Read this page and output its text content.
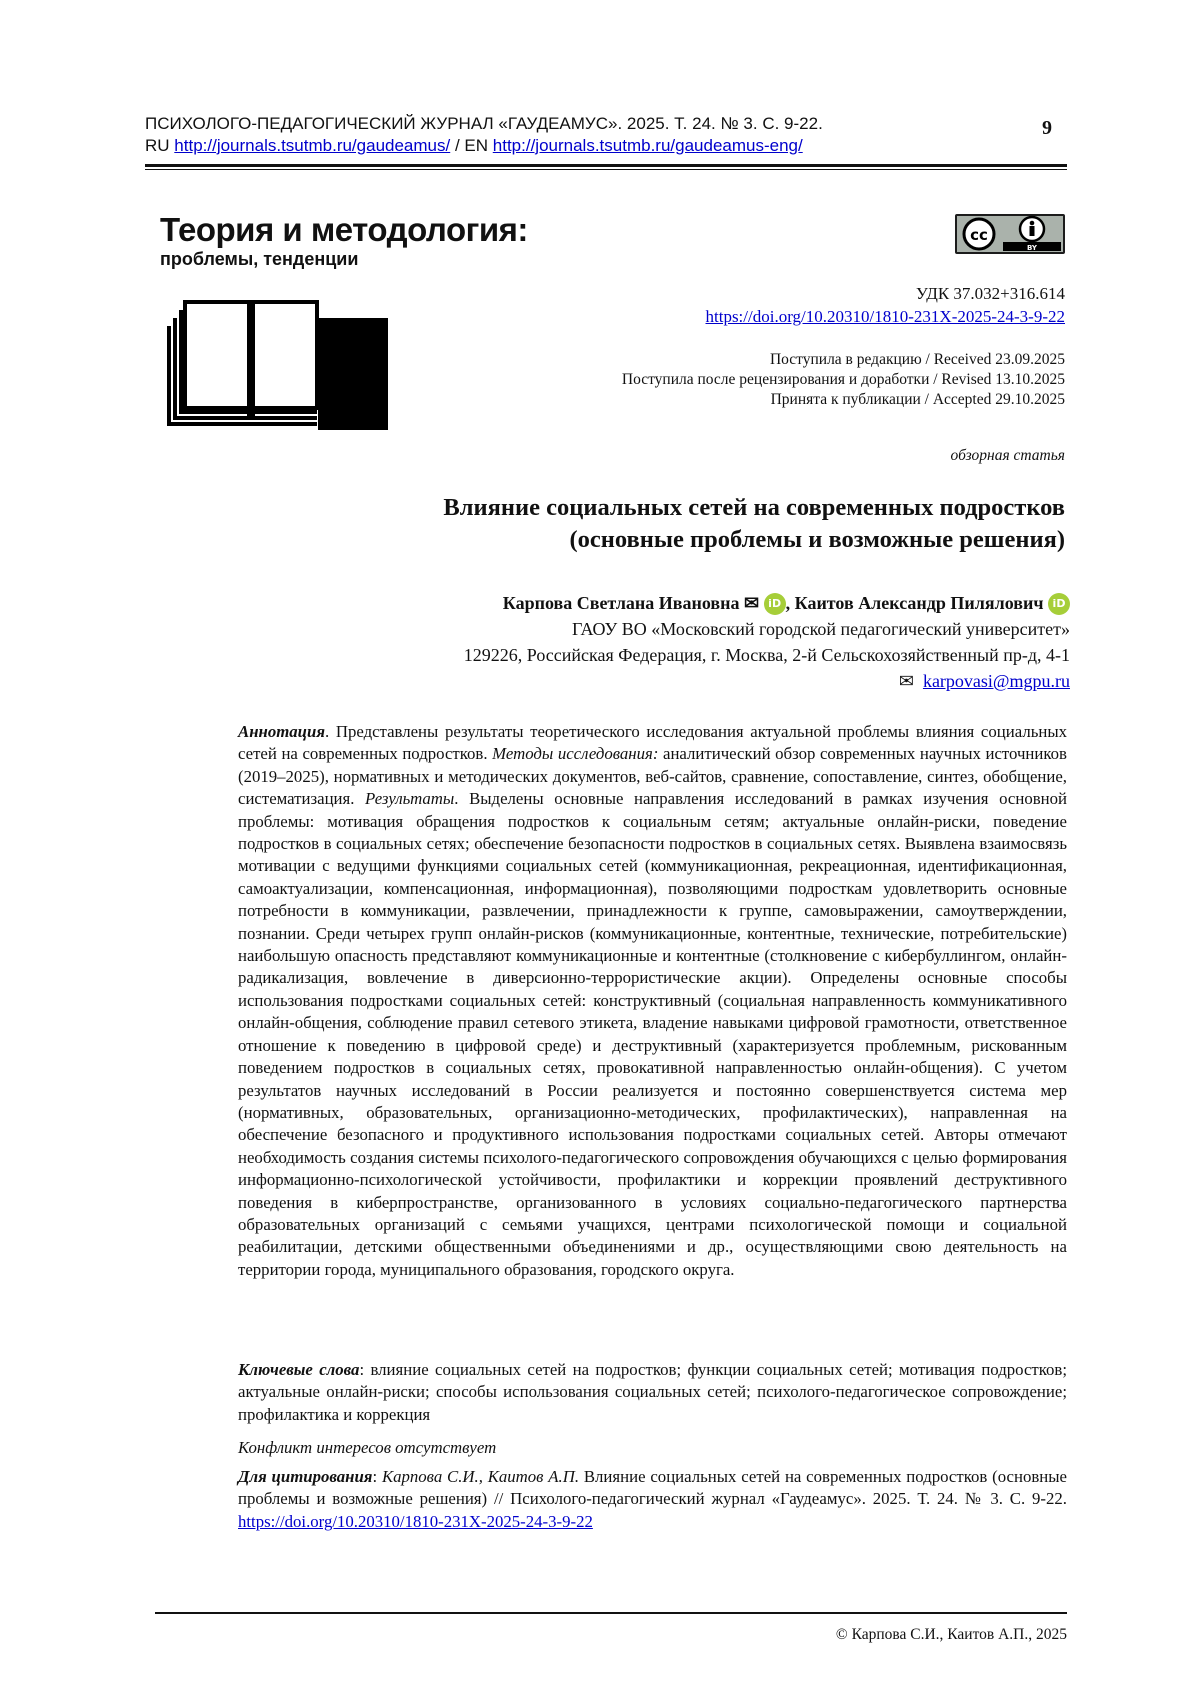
ПСИХОЛОГО-ПЕДАГОГИЧЕСКИЙ ЖУРНАЛ «ГАУДЕАМУС». 2025. Т. 24. № 3. С. 9-22.
RU http://journals.tsutmb.ru/gaudeamus/ / EN http://journals.tsutmb.ru/gaudeamus-eng/
9
Теория и методология:
проблемы, тенденции
cc
BY
УДК 37.032+316.614
https://doi.org/10.20310/1810-231X-2025-24-3-9-22
Поступила в редакцию / Received 23.09.2025
Поступила после рецензирования и доработки / Revised 13.10.2025
Принята к публикации / Accepted 29.10.2025
обзорная статья
Влияние социальных сетей на современных подростков
(основные проблемы и возможные решения)
Карпова Светлана Ивановна ✉ iD , Каитов Александр Пилялович iD
ГАОУ ВО «Московский городской педагогический университет»
129226, Российская Федерация, г. Москва, 2-й Сельскохозяйственный пр-д, 4-1
✉ karpovasi@mgpu.ru
Аннотация. Представлены результаты теоретического исследования актуальной проблемы влияния социальных сетей на современных подростков. Методы исследования: аналитический обзор современных научных источников (2019–2025), нормативных и методических документов, веб-сайтов, сравнение, сопоставление, синтез, обобщение, систематизация. Результаты. Выделены основные направления исследований в рамках изучения основной проблемы: мотивация обращения подростков к социальным сетям; актуальные онлайн-риски, поведение подростков в социальных сетях; обеспечение безопасности подростков в социальных сетях. Выявлена взаимосвязь мотивации с ведущими функциями социальных сетей (коммуникационная, рекреационная, идентификационная, самоактуализации, компенсационная, информационная), позволяющими подросткам удовлетворить основные потребности в коммуникации, развлечении, принадлежности к группе, самовыражении, самоутверждении, познании. Среди четырех групп онлайн-рисков (коммуникационные, контентные, технические, потребительские) наибольшую опасность представляют коммуникационные и контентные (столкновение с кибербуллингом, онлайн-радикализация, вовлечение в диверсионно-террористические акции). Определены основные способы использования подростками социальных сетей: конструктивный (социальная направленность коммуникативного онлайн-общения, соблюдение правил сетевого этикета, владение навыками цифровой грамотности, ответственное отношение к поведению в цифровой среде) и деструктивный (характеризуется проблемным, рискованным поведением подростков в социальных сетях, провокативной направленностью онлайн-общения). С учетом результатов научных исследований в России реализуется и постоянно совершенствуется система мер (нормативных, образовательных, организационно-методических, профилактических), направленная на обеспечение безопасного и продуктивного использования подростками социальных сетей. Авторы отмечают необходимость создания системы психолого-педагогического сопровождения обучающихся с целью формирования информационно-психологической устойчивости, профилактики и коррекции проявлений деструктивного поведения в киберпространстве, организованного в условиях социально-педагогического партнерства образовательных организаций с семьями учащихся, центрами психологической помощи и социальной реабилитации, детскими общественными объединениями и др., осуществляющими свою деятельность на территории города, муниципального образования, городского округа.
Ключевые слова: влияние социальных сетей на подростков; функции социальных сетей; мотивация подростков; актуальные онлайн-риски; способы использования социальных сетей; психолого-педагогическое сопровождение; профилактика и коррекция
Конфликт интересов отсутствует
Для цитирования: Карпова С.И., Каитов А.П. Влияние социальных сетей на современных подростков (основные проблемы и возможные решения) // Психолого-педагогический журнал «Гаудеамус». 2025. Т. 24. № 3. С. 9-22. https://doi.org/10.20310/1810-231X-2025-24-3-9-22
© Карпова С.И., Каитов А.П., 2025
